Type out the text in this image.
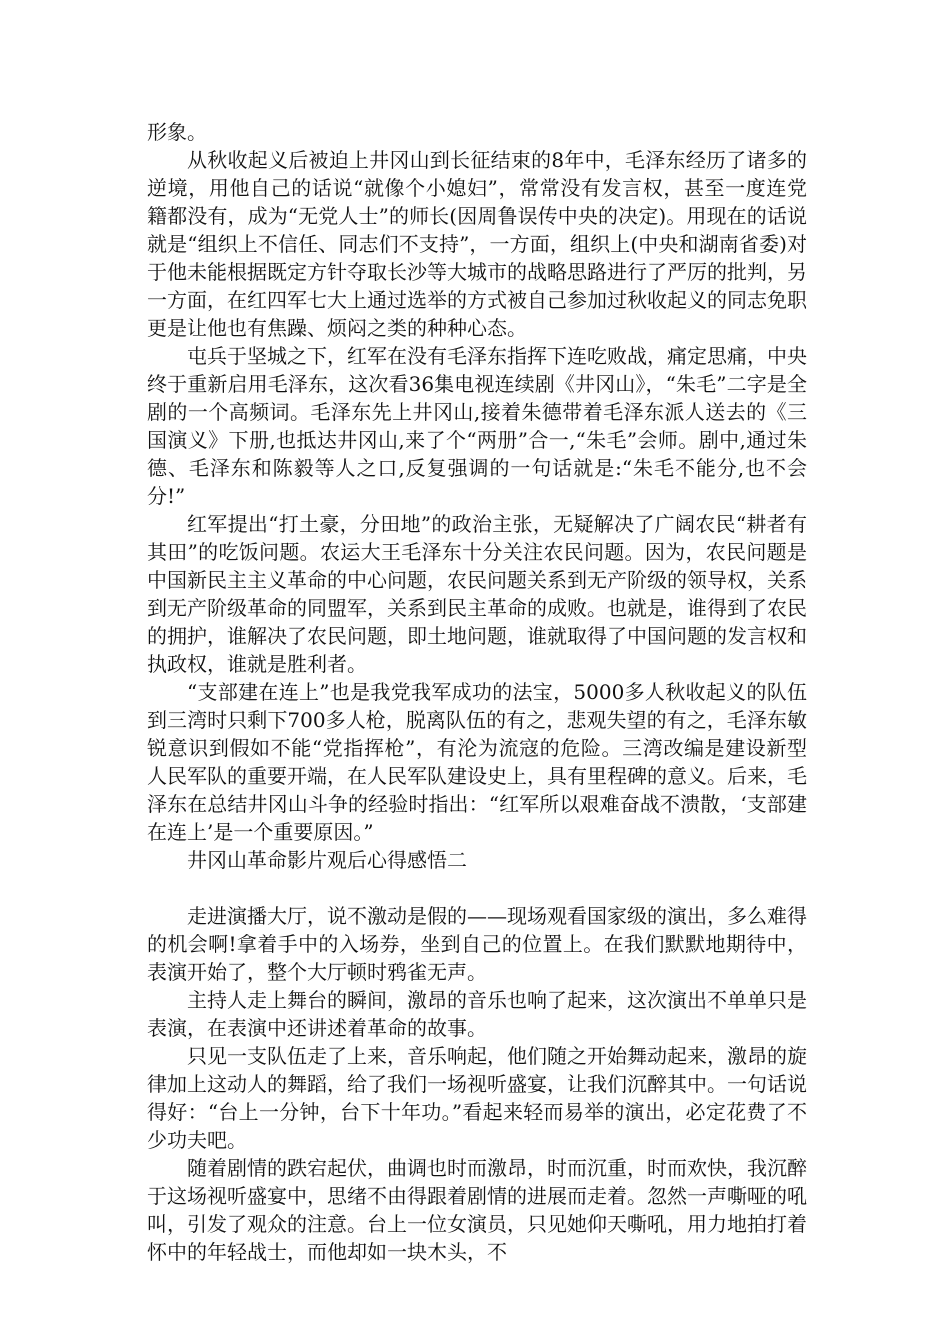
形象。

从秋收起义后被迫上井冈山到长征结束的8年中，毛泽东经历了诸多的逆境，用他自己的话说“就像个小媳妇”，常常没有发言权，甚至一度连党籍都没有，成为“无党人士”的师长(因周鲁误传中央的决定)。用现在的话说就是“组织上不信任、同志们不支持”，一方面，组织上(中央和湖南省委)对于他未能根据既定方针夺取长沙等大城市的战略思路进行了严厉的批判，另一方面，在红四军七大上通过选举的方式被自己参加过秋收起义的同志免职更是让他也有焦躁、烦闷之类的种种心态。

屯兵于坚城之下，红军在没有毛泽东指挥下连吃败战，痛定思痛，中央终于重新启用毛泽东，这次看36集电视连续剧《井冈山》，“朱毛”二字是全剧的一个高频词。毛泽东先上井冈山,接着朱德带着毛泽东派人送去的《三国演义》下册,也抵达井冈山,来了个“两册”合一,“朱毛”会师。剧中,通过朱德、毛泽东和陈毅等人之口,反复强调的一句话就是:“朱毛不能分,也不会分!”

红军提出“打土豪，分田地”的政治主张，无疑解决了广阔农民“耕者有其田”的吃饭问题。农运大王毛泽东十分关注农民问题。因为，农民问题是中国新民主主义革命的中心问题，农民问题关系到无产阶级的领导权，关系到无产阶级革命的同盟军，关系到民主革命的成败。也就是，谁得到了农民的拥护，谁解决了农民问题，即土地问题，谁就取得了中国问题的发言权和执政权，谁就是胜利者。

“支部建在连上”也是我党我军成功的法宝，5000多人秋收起义的队伍到三湾时只剩下700多人枪，脱离队伍的有之，悲观失望的有之，毛泽东敏锐意识到假如不能“党指挥枪”，有沦为流寇的危险。三湾改编是建设新型人民军队的重要开端，在人民军队建设史上，具有里程碑的意义。后来，毛泽东在总结井冈山斗争的经验时指出：“红军所以艰难奋战不溃散，‘支部建在连上’是一个重要原因。”

井冈山革命影片观后心得感悟二

走进演播大厅，说不激动是假的——现场观看国家级的演出，多么难得的机会啊!拿着手中的入场券，坐到自己的位置上。在我们默默地期待中，表演开始了，整个大厅顿时鸦雀无声。

主持人走上舞台的瞬间，激昂的音乐也响了起来，这次演出不单单只是表演，在表演中还讲述着革命的故事。

只见一支队伍走了上来，音乐响起，他们随之开始舞动起来，激昂的旋律加上这动人的舞蹈，给了我们一场视听盛宴，让我们沉醉其中。一句话说得好：“台上一分钟，台下十年功。”看起来轻而易举的演出，必定花费了不少功夫吧。

随着剧情的跌宕起伏，曲调也时而激昂，时而沉重，时而欢快，我沉醉于这场视听盛宴中，思绪不由得跟着剧情的进展而走着。忽然一声嘶哑的吼叫，引发了观众的注意。台上一位女演员，只见她仰天嘶吼，用力地拍打着怀中的年轻战士，而他却如一块木头，不
